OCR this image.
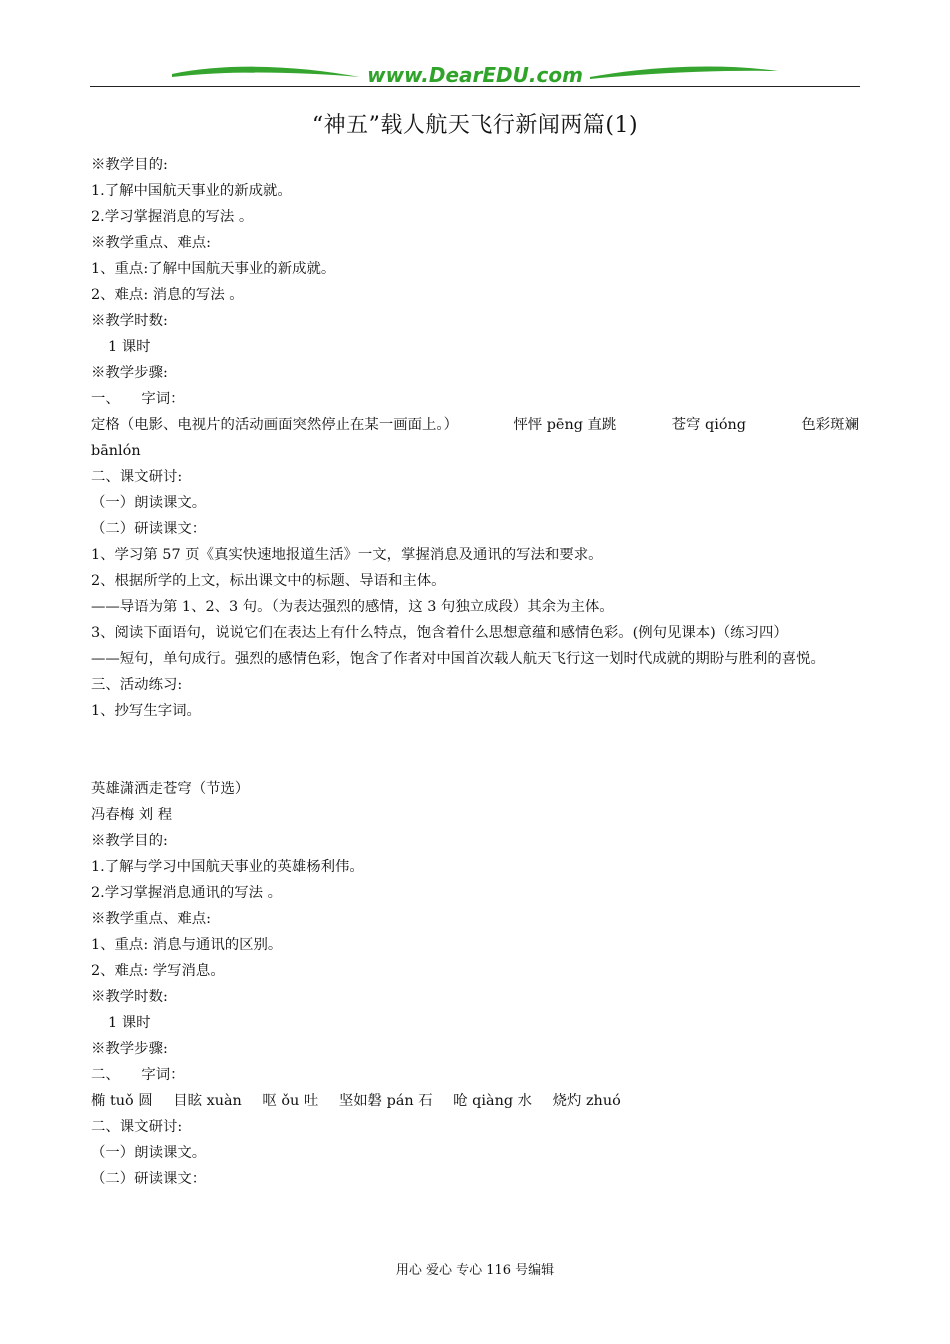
www.DearEDU.com
“神五”载人航天飞行新闻两篇(1)
※教学目的:
1.了解中国航天事业的新成就。
2.学习掌握消息的写法 。
※教学重点、难点:
1、重点:了解中国航天事业的新成就。
2、难点: 消息的写法 。
※教学时数:
1 课时
※教学步骤:
一、　　字词：
定格（电影、电视片的活动画面突然停止在某一画面上。）	怦怦 pēng 直跳	苍穹 qióng	色彩斑斓
bānlón
二、课文研讨:
（一）朗读课文。
（二）研读课文：
1、学习第 57 页《真实快速地报道生活》一文，掌握消息及通讯的写法和要求。
2、根据所学的上文，标出课文中的标题、导语和主体。
——导语为第 1、2、3 句。（为表达强烈的感情，这 3 句独立成段）其余为主体。
3、阅读下面语句，说说它们在表达上有什么特点，饱含着什么思想意蕴和感情色彩。(例句见课本)（练习四）
——短句，单句成行。强烈的感情色彩，饱含了作者对中国首次载人航天飞行这一划时代成就的期盼与胜利的喜悦。
三、活动练习:
1、抄写生字词。
英雄潇洒走苍穹（节选）
冯春梅 刘 程
※教学目的:
1.了解与学习中国航天事业的英雄杨利伟。
2.学习掌握消息通讯的写法 。
※教学重点、难点:
1、重点: 消息与通讯的区别。
2、难点: 学写消息。
※教学时数:
1 课时
※教学步骤:
二、　　字词：
椭 tuǒ 圆 目眩 xuàn 呕 ǒu 吐 坚如磐 pán 石 呛 qiàng 水 烧灼 zhuó
二、课文研讨:
（一）朗读课文。
（二）研读课文：
用心 爱心 专心 116 号编辑
